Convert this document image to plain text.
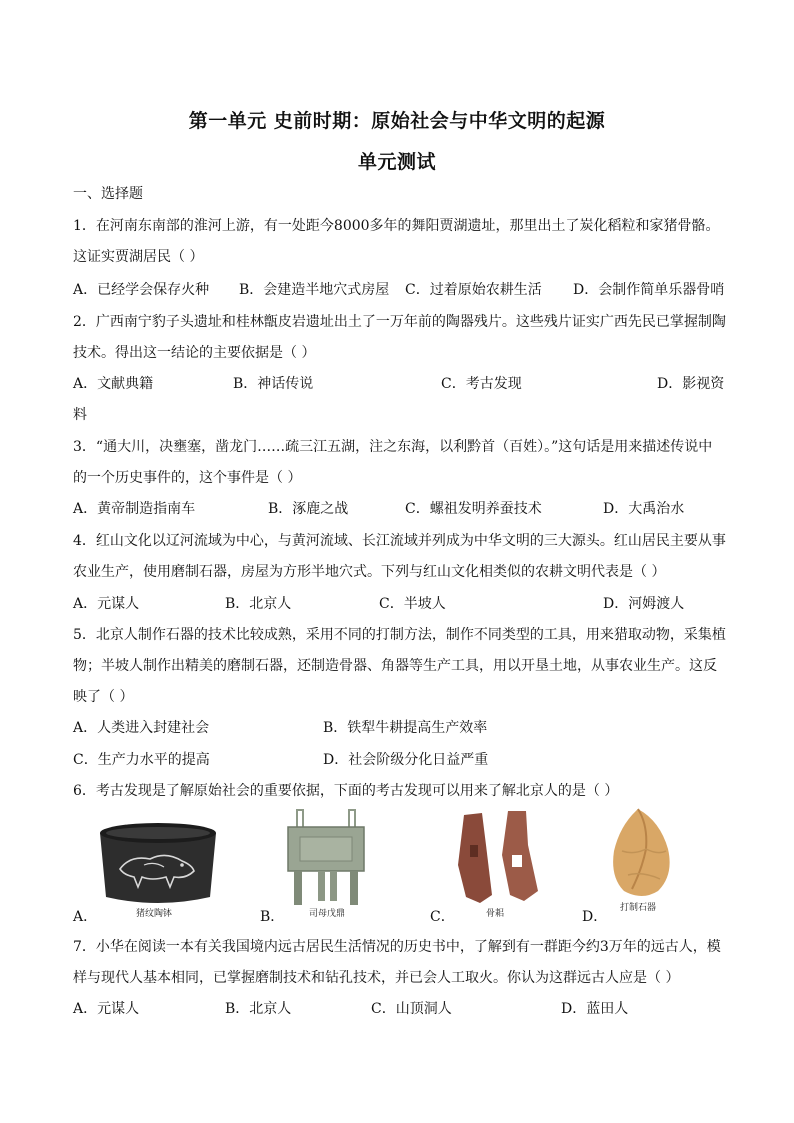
第一单元 史前时期：原始社会与中华文明的起源
单元测试
一、选择题
1．在河南东南部的淮河上游，有一处距今8000多年的舞阳贾湖遗址，那里出土了炭化稻粒和家猪骨骼。
这证实贾湖居民（ ）
A．已经学会保存火种 B．会建造半地穴式房屋 C．过着原始农耕生活 D．会制作简单乐器骨哨
2．广西南宁豹子头遗址和桂林甑皮岩遗址出土了一万年前的陶器残片。这些残片证实广西先民已掌握制陶
技术。得出这一结论的主要依据是（ ）
A．文献典籍	B．神话传说	C．考古发现	D．影视资
料
3．“通大川，决壅塞，凿龙门……疏三江五湖，注之东海，以利黔首（百姓）。”这句话是用来描述传说中
的一个历史事件的，这个事件是（ ）
A．黄帝制造指南车	B．涿鹿之战	C．螺祖发明养蚕技术	D．大禹治水
4．红山文化以辽河流域为中心，与黄河流域、长江流域并列成为中华文明的三大源头。红山居民主要从事
农业生产，使用磨制石器，房屋为方形半地穴式。下列与红山文化相类似的农耕文明代表是（ ）
A．元谋人	B．北京人	C．半坡人	D．河姆渡人
5．北京人制作石器的技术比较成熟，采用不同的打制方法，制作不同类型的工具，用来猎取动物，采集植
物；半坡人制作出精美的磨制石器，还制造骨器、角器等生产工具，用以开垦土地，从事农业生产。这反
映了（ ）
A．人类进入封建社会	B．铁犁牛耕提高生产效率
C．生产力水平的提高	D．社会阶级分化日益严重
6．考古发现是了解原始社会的重要依据，下面的考古发现可以用来了解北京人的是（ ）
A．	猪纹陶钵	B．	司母戊鼎	C．	骨耜	D．
打制石器
7．小华在阅读一本有关我国境内远古居民生活情况的历史书中，了解到有一群距今约3万年的远古人，模
样与现代人基本相同，已掌握磨制技术和钻孔技术，并已会人工取火。你认为这群远古人应是（ ）
A．元谋人	B．北京人	C．山顶洞人	D．蓝田人
